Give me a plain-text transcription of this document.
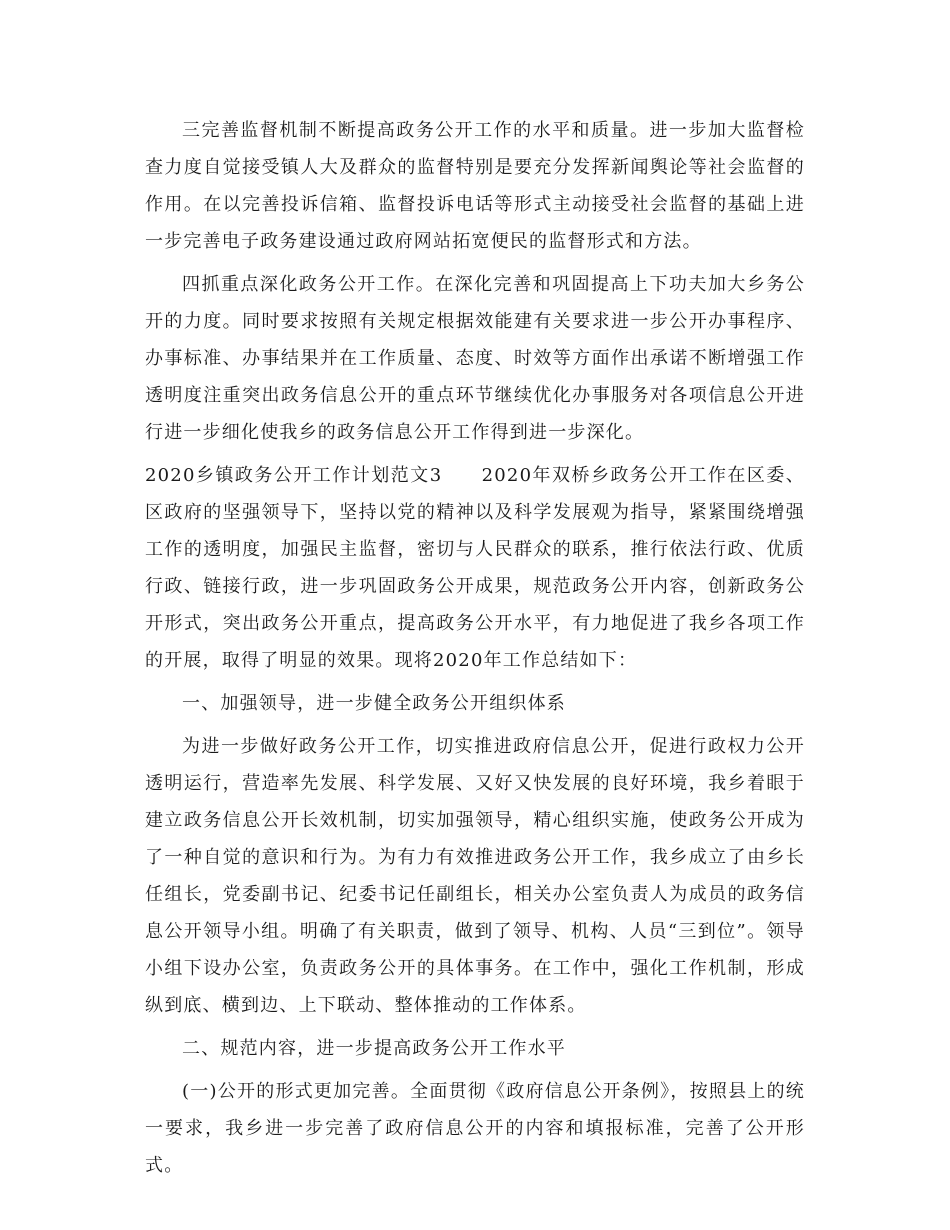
三完善监督机制不断提高政务公开工作的水平和质量。进一步加大监督检查力度自觉接受镇人大及群众的监督特别是要充分发挥新闻舆论等社会监督的作用。在以完善投诉信箱、监督投诉电话等形式主动接受社会监督的基础上进一步完善电子政务建设通过政府网站拓宽便民的监督形式和方法。

四抓重点深化政务公开工作。在深化完善和巩固提高上下功夫加大乡务公开的力度。同时要求按照有关规定根据效能建有关要求进一步公开办事程序、办事标准、办事结果并在工作质量、态度、时效等方面作出承诺不断增强工作透明度注重突出政务信息公开的重点环节继续优化办事服务对各项信息公开进行进一步细化使我乡的政务信息公开工作得到进一步深化。

2020乡镇政务公开工作计划范文3　　2020年双桥乡政务公开工作在区委、区政府的坚强领导下，坚持以党的精神以及科学发展观为指导，紧紧围绕增强工作的透明度，加强民主监督，密切与人民群众的联系，推行依法行政、优质行政、链接行政，进一步巩固政务公开成果，规范政务公开内容，创新政务公开形式，突出政务公开重点，提高政务公开水平，有力地促进了我乡各项工作的开展，取得了明显的效果。现将2020年工作总结如下：

一、加强领导，进一步健全政务公开组织体系

为进一步做好政务公开工作，切实推进政府信息公开，促进行政权力公开透明运行，营造率先发展、科学发展、又好又快发展的良好环境，我乡着眼于建立政务信息公开长效机制，切实加强领导，精心组织实施，使政务公开成为了一种自觉的意识和行为。为有力有效推进政务公开工作，我乡成立了由乡长任组长，党委副书记、纪委书记任副组长，相关办公室负责人为成员的政务信息公开领导小组。明确了有关职责，做到了领导、机构、人员“三到位”。领导小组下设办公室，负责政务公开的具体事务。在工作中，强化工作机制，形成纵到底、横到边、上下联动、整体推动的工作体系。

二、规范内容，进一步提高政务公开工作水平

(一)公开的形式更加完善。全面贯彻《政府信息公开条例》，按照县上的统一要求，我乡进一步完善了政府信息公开的内容和填报标准，完善了公开形式。
